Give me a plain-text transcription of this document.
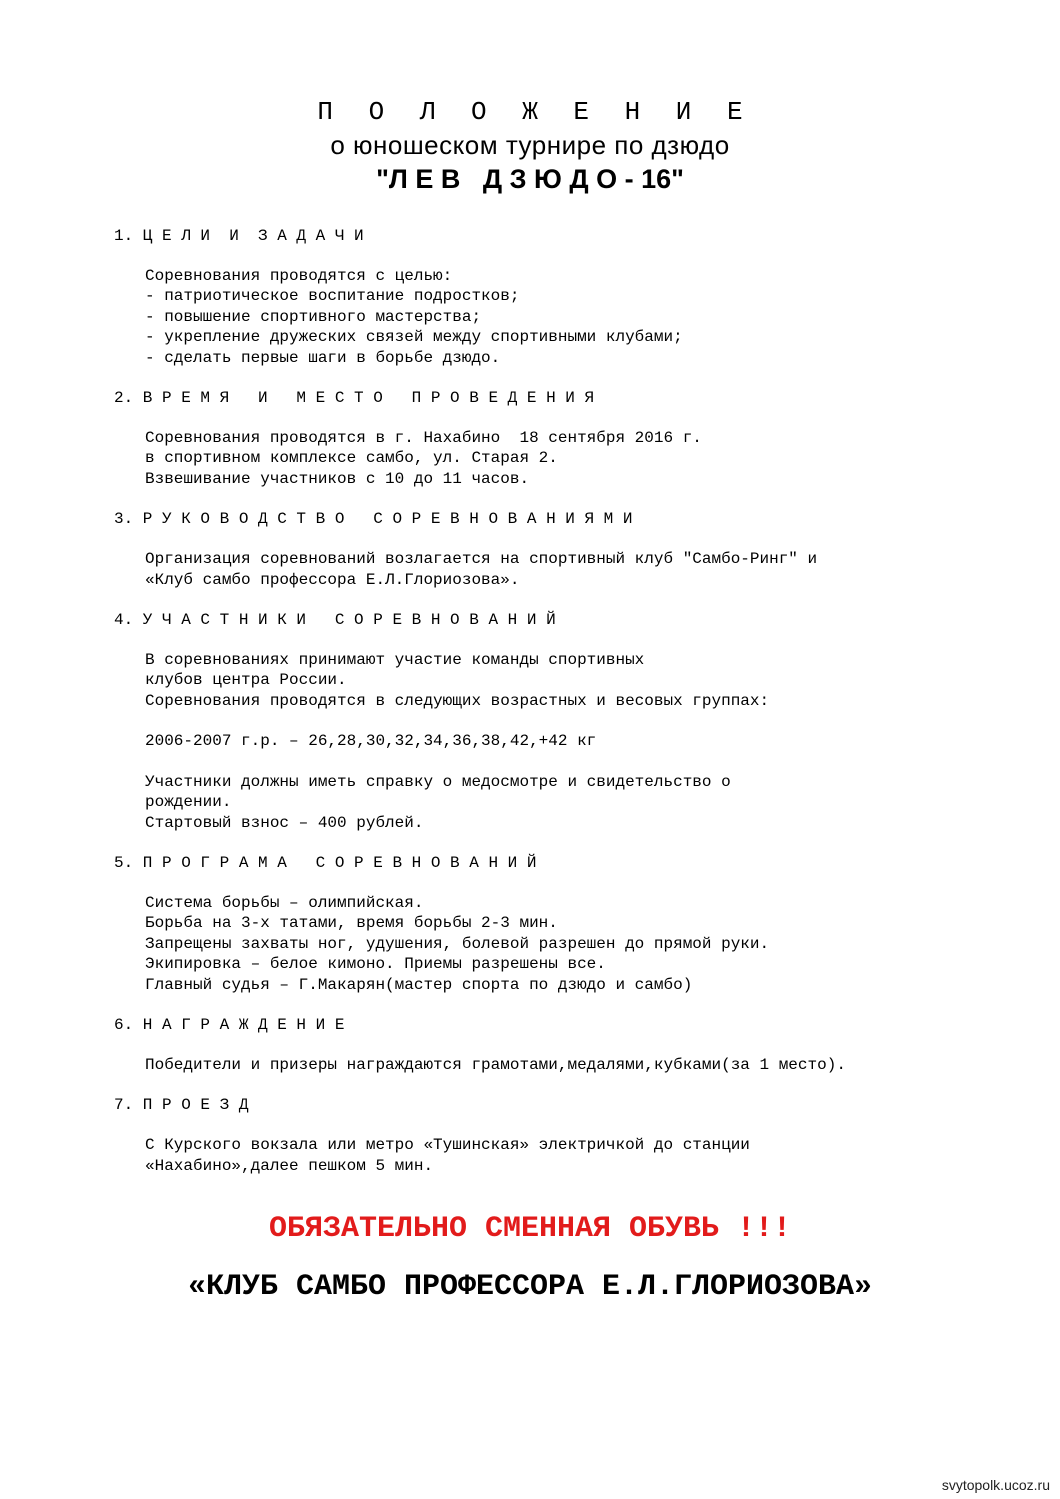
П О Л О Ж Е Н И Е
о юношеском турнире по дзюдо
"Л Е В   Д З Ю Д О - 16"
1. Ц Е Л И  И  З А Д А Ч И
Соревнования проводятся с целью:
- патриотическое воспитание подростков;
- повышение спортивного мастерства;
- укрепление дружеских связей между спортивными клубами;
- сделать первые шаги в борьбе дзюдо.
2. В Р Е М Я   И   М Е С Т О   П Р О В Е Д Е Н И Я
Соревнования проводятся в г. Нахабино  18 сентября 2016 г.
в спортивном комплексе самбо, ул. Старая 2.
Взвешивание участников с 10 до 11 часов.
3. Р У К О В О Д С Т В О   С О Р Е В Н О В А Н И Я М И
Организация соревнований возлагается на спортивный клуб "Самбо-Ринг" и
«Клуб самбо профессора Е.Л.Глориозова».
4. У Ч А С Т Н И К И   С О Р Е В Н О В А Н И Й
В соревнованиях принимают участие команды спортивных
клубов центра России.
Соревнования проводятся в следующих возрастных и весовых группах:
2006-2007 г.р. – 26,28,30,32,34,36,38,42,+42 кг
Участники должны иметь справку о медосмотре и свидетельство о
рождении.
Стартовый взнос – 400 рублей.
5. П Р О Г Р А М А   С О Р Е В Н О В А Н И Й
Система борьбы – олимпийская.
Борьба на 3-х татами, время борьбы 2-3 мин.
Запрещены захваты ног, удушения, болевой разрешен до прямой руки.
Экипировка – белое кимоно. Приемы разрешены все.
Главный судья – Г.Макарян(мастер спорта по дзюдо и самбо)
6. Н А Г Р А Ж Д Е Н И Е
Победители и призеры награждаются грамотами,медалями,кубками(за 1 место).
7. П Р О Е З Д
С Курского вокзала или метро «Тушинская» электричкой до станции
«Нахабино»,далее пешком 5 мин.
ОБЯЗАТЕЛЬНО СМЕННАЯ ОБУВЬ !!!
«КЛУБ САМБО ПРОФЕССОРА Е.Л.ГЛОРИОЗОВА»
svytopolk.ucoz.ru
